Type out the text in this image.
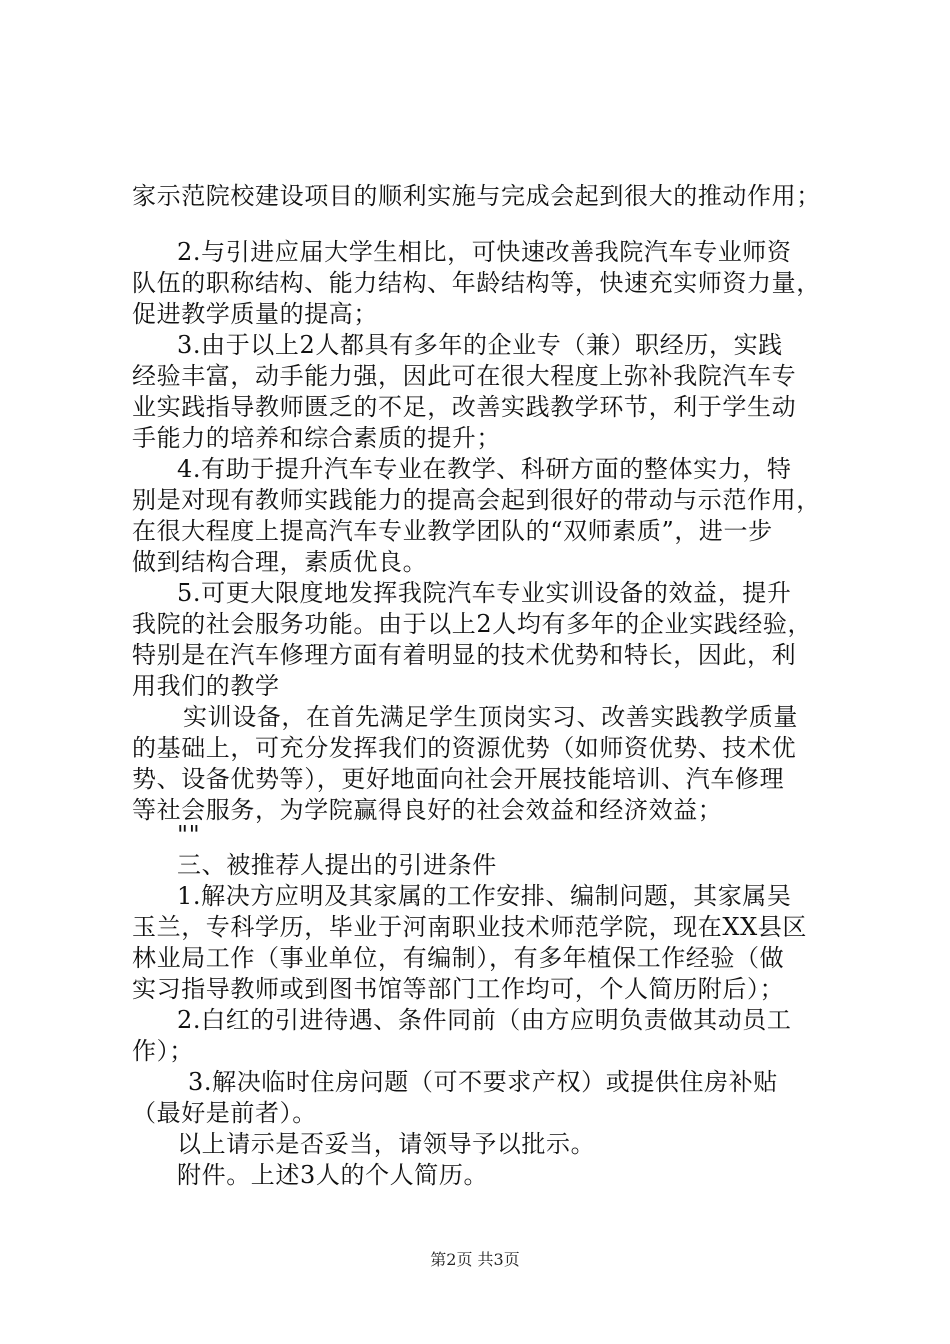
家示范院校建设项目的顺利实施与完成会起到很大的推动作用；
2.与引进应届大学生相比，可快速改善我院汽车专业师资
队伍的职称结构、能力结构、年龄结构等，快速充实师资力量，
促进教学质量的提高；
3.由于以上2人都具有多年的企业专（兼）职经历，实践
经验丰富，动手能力强，因此可在很大程度上弥补我院汽车专
业实践指导教师匮乏的不足，改善实践教学环节，利于学生动
手能力的培养和综合素质的提升；
4.有助于提升汽车专业在教学、科研方面的整体实力，特
别是对现有教师实践能力的提高会起到很好的带动与示范作用，
在很大程度上提高汽车专业教学团队的“双师素质”，进一步
做到结构合理，素质优良。
5.可更大限度地发挥我院汽车专业实训设备的效益，提升
我院的社会服务功能。由于以上2人均有多年的企业实践经验，
特别是在汽车修理方面有着明显的技术优势和特长，因此，利
用我们的教学
实训设备，在首先满足学生顶岗实习、改善实践教学质量
的基础上，可充分发挥我们的资源优势（如师资优势、技术优
势、设备优势等），更好地面向社会开展技能培训、汽车修理
等社会服务，为学院赢得良好的社会效益和经济效益；
""
三、被推荐人提出的引进条件
1.解决方应明及其家属的工作安排、编制问题，其家属吴
玉兰，专科学历，毕业于河南职业技术师范学院，现在XX县区
林业局工作（事业单位，有编制），有多年植保工作经验（做
实习指导教师或到图书馆等部门工作均可，个人简历附后）；
2.白红的引进待遇、条件同前（由方应明负责做其动员工
作）；
3.解决临时住房问题（可不要求产权）或提供住房补贴
（最好是前者）。
以上请示是否妥当，请领导予以批示。
附件。上述3人的个人简历。
第2页 共3页
